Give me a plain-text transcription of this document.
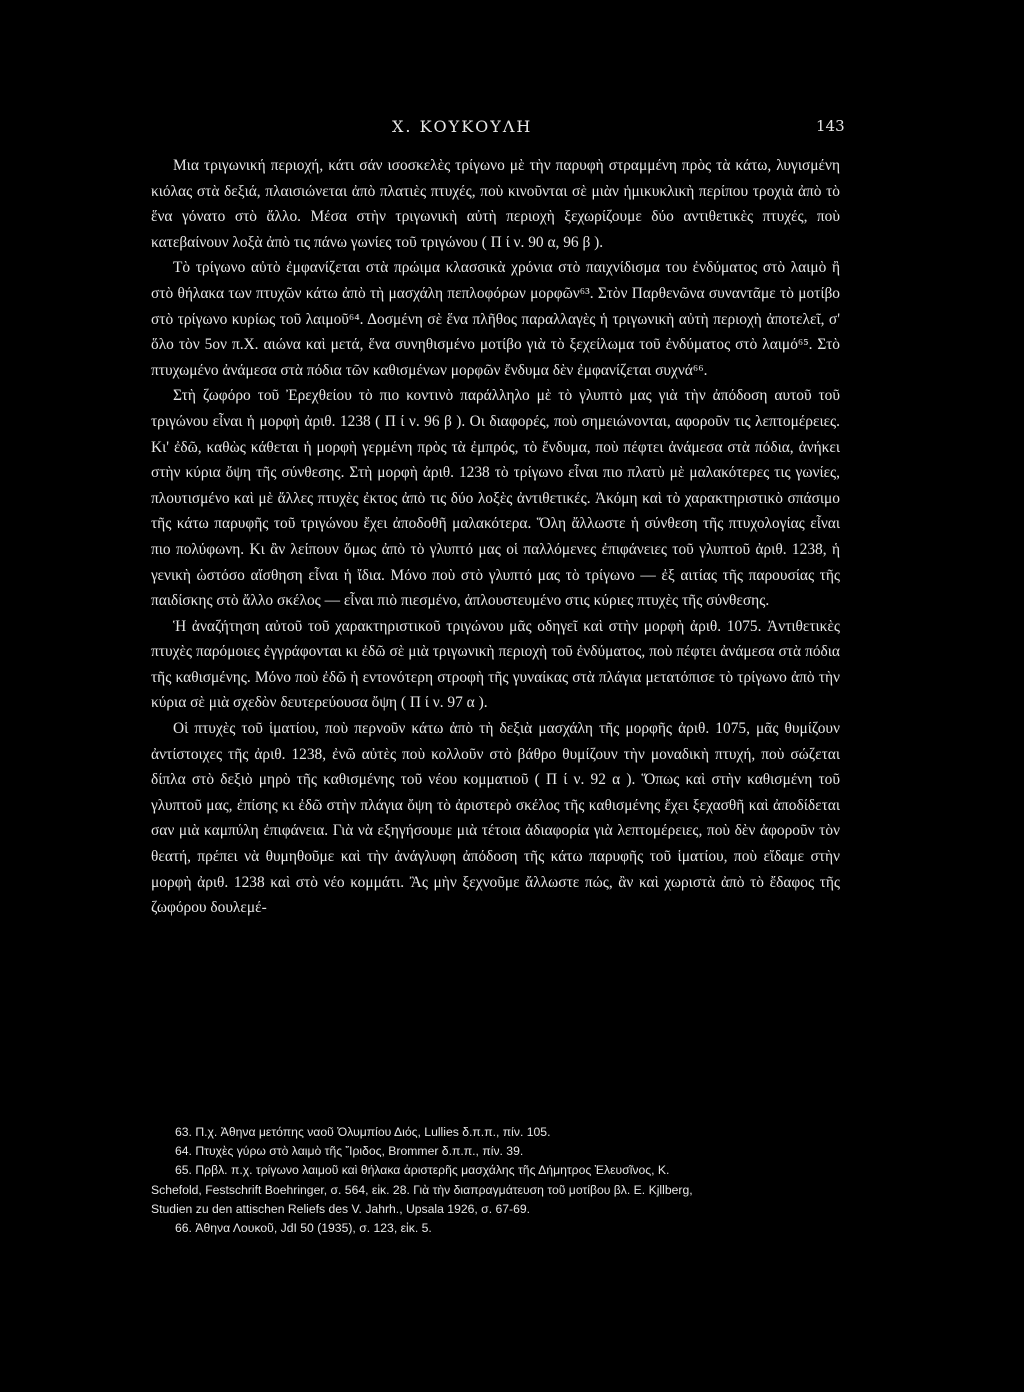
Χ. ΚΟΥΚΟΥΛΗ	143

Μια τριγωνική περιοχή, κάτι σάν ισοσκελὲς τρίγωνο μὲ τὴν παρυφὴ στραμμένη πρὸς τὰ κάτω, λυγισμένη κιόλας στὰ δεξιά, πλαισιώνεται ἀπὸ πλατιὲς πτυχές, ποὺ κινοῦνται σὲ μιὰν ἡμικυκλικὴ περίπου τροχιὰ ἀπὸ τὸ ἕνα γόνατο στὸ ἄλλο. Μέσα στὴν τριγωνικὴ αὐτὴ περιοχὴ ξεχωρίζουμε δύο αντιθετικὲς πτυχές, ποὺ κατεβαίνουν λοξὰ ἀπὸ τις πάνω γωνίες τοῦ τριγώνου ( Π ί ν. 90 α, 96 β ).

Τὸ τρίγωνο αὐτὸ ἐμφανίζεται στὰ πρώιμα κλασσικὰ χρόνια στὸ παιχνίδισμα του ἐνδύματος στὸ λαιμὸ ἢ στὸ θήλακα των πτυχῶν κάτω ἀπὸ τὴ μασχάλη πεπλοφόρων μορφῶν⁶³. Στὸν Παρθενῶνα συναντᾶμε τὸ μοτίβο στὸ τρίγωνο κυρίως τοῦ λαιμοῦ⁶⁴. Δοσμένη σὲ ἕνα πλῆθος παραλλαγὲς ἡ τριγωνικὴ αὐτὴ περιοχὴ ἀποτελεῖ, σ' ὅλο τὸν 5ον π.Χ. αιώνα καὶ μετά, ἕνα συνηθισμένο μοτίβο γιὰ τὸ ξεχείλωμα τοῦ ἐνδύματος στὸ λαιμό⁶⁵. Στὸ πτυχωμένο ἀνάμεσα στὰ πόδια τῶν καθισμένων μορφῶν ἔνδυμα δὲν ἐμφανίζεται συχνά⁶⁶.

Στὴ ζωφόρο τοῦ Ἐρεχθείου τὸ πιο κοντινὸ παράλληλο μὲ τὸ γλυπτὸ μας γιὰ τὴν ἀπόδοση αυτοῦ τοῦ τριγώνου εἶναι ἡ μορφὴ ἀριθ. 1238 ( Π ί ν. 96 β ). Οι διαφορές, ποὺ σημειώνονται, αφοροῦν τις λεπτομέρειες. Κι' ἐδῶ, καθὼς κάθεται ἡ μορφὴ γερμένη πρὸς τὰ ἐμπρός, τὸ ἔνδυμα, ποὺ πέφτει ἀνάμεσα στὰ πόδια, ἀνήκει στὴν κύρια ὄψη τῆς σύνθεσης. Στὴ μορφὴ ἀριθ. 1238 τὸ τρίγωνο εἶναι πιο πλατὺ μὲ μαλακότερες τις γωνίες, πλουτισμένο καὶ μὲ ἄλλες πτυχὲς ἐκτος ἀπὸ τις δύο λοξὲς ἀντιθετικές. Ἀκόμη καὶ τὸ χαρακτηριστικὸ σπάσιμο τῆς κάτω παρυφῆς τοῦ τριγώνου ἔχει ἀποδοθῆ μαλακότερα. Ὅλη ἄλλωστε ἡ σύνθεση τῆς πτυχολογίας εἶναι πιο πολύφωνη. Κι ἂν λείπουν ὅμως ἀπὸ τὸ γλυπτό μας οἱ παλλόμενες ἐπιφάνειες τοῦ γλυπτοῦ ἀριθ. 1238, ἡ γενικὴ ὡστόσο αἴσθηση εἶναι ἡ ἴδια. Μόνο ποὺ στὸ γλυπτό μας τὸ τρίγωνο — ἐξ αιτίας τῆς παρουσίας τῆς παιδίσκης στὸ ἄλλο σκέλος — εἶναι πιὸ πιεσμένο, ἁπλουστευμένο στις κύριες πτυχὲς τῆς σύνθεσης.

Ἡ ἀναζήτηση αὐτοῦ τοῦ χαρακτηριστικοῦ τριγώνου μᾶς οδηγεῖ καὶ στὴν μορφὴ ἀριθ. 1075. Ἀντιθετικὲς πτυχὲς παρόμοιες ἐγγράφονται κι ἐδῶ σὲ μιὰ τριγωνικὴ περιοχὴ τοῦ ἐνδύματος, ποὺ πέφτει ἀνάμεσα στὰ πόδια τῆς καθισμένης. Μόνο ποὺ ἐδῶ ἡ εντονότερη στροφὴ τῆς γυναίκας στὰ πλάγια μετατόπισε τὸ τρίγωνο ἀπὸ τὴν κύρια σὲ μιὰ σχεδὸν δευτερεύουσα ὄψη ( Π ί ν. 97 α ).

Οἱ πτυχὲς τοῦ ἱματίου, ποὺ περνοῦν κάτω ἀπὸ τὴ δεξιὰ μασχάλη τῆς μορφῆς ἀριθ. 1075, μᾶς θυμίζουν ἀντίστοιχες τῆς ἀριθ. 1238, ἐνῶ αὐτὲς ποὺ κολλοῦν στὸ βάθρο θυμίζουν τὴν μοναδικὴ πτυχή, ποὺ σώζεται δίπλα στὸ δεξιὸ μηρὸ τῆς καθισμένης τοῦ νέου κομματιοῦ ( Π ί ν. 92 α ). Ὅπως καὶ στὴν καθισμένη τοῦ γλυπτοῦ μας, ἐπίσης κι ἐδῶ στὴν πλάγια ὄψη τὸ ἀριστερὸ σκέλος τῆς καθισμένης ἔχει ξεχασθῆ καὶ ἀποδίδεται σαν μιὰ καμπύλη ἐπιφάνεια. Γιὰ νὰ εξηγήσουμε μιὰ τέτοια ἀδιαφορία γιὰ λεπτομέρειες, ποὺ δὲν ἀφοροῦν τὸν θεατή, πρέπει νὰ θυμηθοῦμε καὶ τὴν ἀνάγλυφη ἀπόδοση τῆς κάτω παρυφῆς τοῦ ἱματίου, ποὺ εἴδαμε στὴν μορφὴ ἀριθ. 1238 καὶ στὸ νέο κομμάτι. Ἂς μὴν ξεχνοῦμε ἄλλωστε πώς, ἂν καὶ χωριστὰ ἀπὸ τὸ ἔδαφος τῆς ζωφόρου δουλεμέ-

63. Π.χ. Ἀθηνα μετόπης ναοῦ Ὀλυμπίου Διός, Lullies δ.π.π., πίν. 105.

64. Πτυχὲς γύρω στὸ λαιμὸ τῆς Ἴριδος, Brommer δ.π.π., πίν. 39.

65. Πρβλ. π.χ. τρίγωνο λαιμοῦ καὶ θήλακα ἀριστερῆς μασχάλης τῆς Δήμητρος Ἐλευσῖνος, Κ.

Schefold, Festschrift Boehringer, σ. 564, εἰκ. 28. Γιὰ τὴν διαπραγμάτευση τοῦ μοτίβου βλ. Ε. Kjllberg,

Studien zu den attischen Reliefs des V. Jahrh., Upsala 1926, σ. 67-69.

66. Ἀθηνα Λουκοῦ, JdI 50 (1935), σ. 123, εἰκ. 5.
